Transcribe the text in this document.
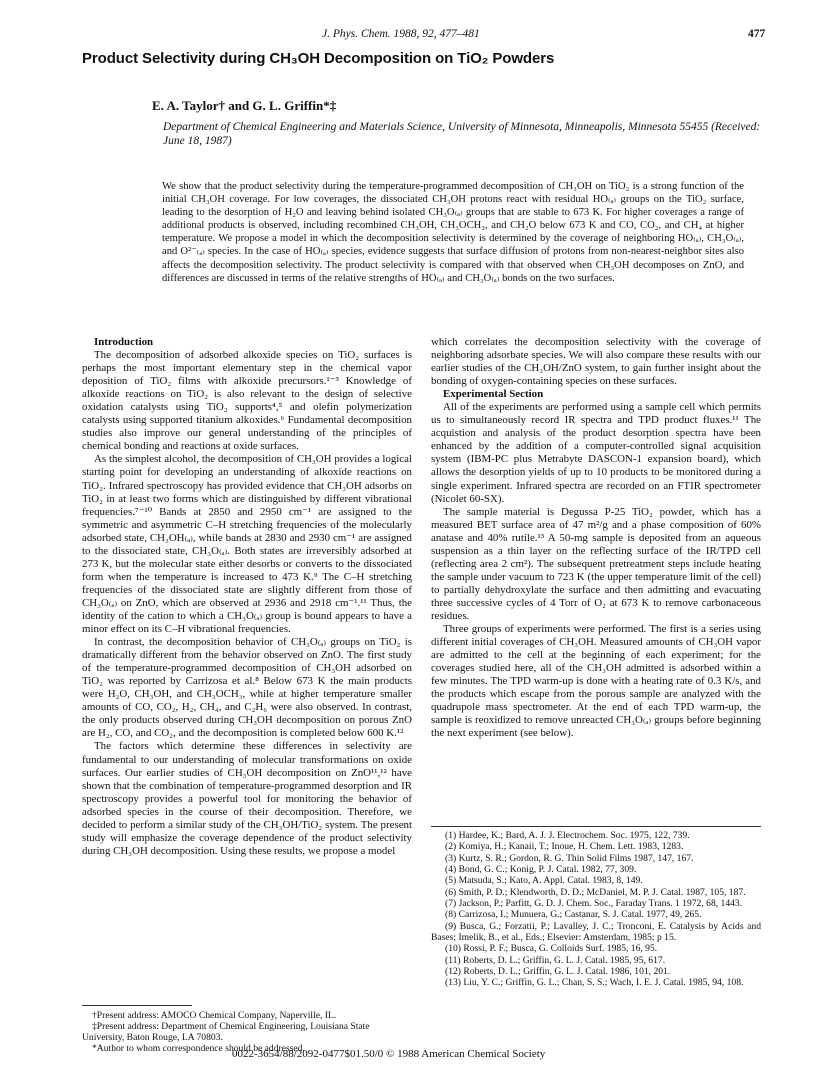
J. Phys. Chem. 1988, 92, 477–481	477
Product Selectivity during CH₃OH Decomposition on TiO₂ Powders
E. A. Taylor† and G. L. Griffin*‡
Department of Chemical Engineering and Materials Science, University of Minnesota, Minneapolis, Minnesota 55455 (Received: June 18, 1987)
We show that the product selectivity during the temperature-programmed decomposition of CH₃OH on TiO₂ is a strong function of the initial CH₃OH coverage. For low coverages, the dissociated CH₃OH protons react with residual HO₍ₐ₎ groups on the TiO₂ surface, leading to the desorption of H₂O and leaving behind isolated CH₃O₍ₐ₎ groups that are stable to 673 K. For higher coverages a range of additional products is observed, including recombined CH₃OH, CH₃OCH₃, and CH₂O below 673 K and CO, CO₂, and CH₄ at higher temperature. We propose a model in which the decomposition selectivity is determined by the coverage of neighboring HO₍ₐ₎, CH₃O₍ₐ₎, and O²⁻₍ₐ₎ species. In the case of HO₍ₐ₎ species, evidence suggests that surface diffusion of protons from non-nearest-neighbor sites also affects the decomposition selectivity. The product selectivity is compared with that observed when CH₃OH decomposes on ZnO, and differences are discussed in terms of the relative strengths of HO₍ₐ₎ and CH₃O₍ₐ₎ bonds on the two surfaces.

Introduction

The decomposition of adsorbed alkoxide species on TiO₂ surfaces is perhaps the most important elementary step in the chemical vapor deposition of TiO₂ films with alkoxide precursors.¹⁻³ Knowledge of alkoxide reactions on TiO₂ is also relevant to the design of selective oxidation catalysts using TiO₂ supports⁴,⁵ and olefin polymerization catalysts using supported titanium alkoxides.⁶ Fundamental decomposition studies also improve our general understanding of the principles of chemical bonding and reactions at oxide surfaces.

As the simplest alcohol, the decomposition of CH₃OH provides a logical starting point for developing an understanding of alkoxide reactions on TiO₂. Infrared spectroscopy has provided evidence that CH₃OH adsorbs on TiO₂ in at least two forms which are distinguished by different vibrational frequencies.⁷⁻¹⁰ Bands at 2850 and 2950 cm⁻¹ are assigned to the symmetric and asymmetric C–H stretching frequencies of the molecularly adsorbed state, CH₃OH₍ₐ₎, while bands at 2830 and 2930 cm⁻¹ are assigned to the dissociated state, CH₃O₍ₐ₎. Both states are irreversibly adsorbed at 273 K, but the molecular state either desorbs or converts to the dissociated form when the temperature is increased to 473 K.⁹ The C–H stretching frequencies of the dissociated state are slightly different from those of CH₃O₍ₐ₎ on ZnO, which are observed at 2936 and 2918 cm⁻¹.¹¹ Thus, the identity of the cation to which a CH₃O₍ₐ₎ group is bound appears to have a minor effect on its C–H vibrational frequencies.

In contrast, the decomposition behavior of CH₃O₍ₐ₎ groups on TiO₂ is dramatically different from the behavior observed on ZnO. The first study of the temperature-programmed decomposition of CH₃OH adsorbed on TiO₂ was reported by Carrizosa et al.⁸ Below 673 K the main products were H₂O, CH₃OH, and CH₃OCH₃, while at higher temperature smaller amounts of CO, CO₂, H₂, CH₄, and C₂H₆ were also observed. In contrast, the only products observed during CH₃OH decomposition on porous ZnO are H₂, CO, and CO₂, and the decomposition is completed below 600 K.¹²

The factors which determine these differences in selectivity are fundamental to our understanding of molecular transformations on oxide surfaces. Our earlier studies of CH₃OH decomposition on ZnO¹¹,¹² have shown that the combination of temperature-programmed desorption and IR spectroscopy provides a powerful tool for monitoring the behavior of adsorbed species in the course of their decomposition. Therefore, we decided to perform a similar study of the CH₃OH/TiO₂ system. The present study will emphasize the coverage dependence of the product selectivity during CH₃OH decomposition. Using these results, we propose a model

which correlates the decomposition selectivity with the coverage of neighboring adsorbate species. We will also compare these results with our earlier studies of the CH₃OH/ZnO system, to gain further insight about the bonding of oxygen-containing species on these surfaces.

Experimental Section

All of the experiments are performed using a sample cell which permits us to simultaneously record IR spectra and TPD product fluxes.¹¹ The acquistion and analysis of the product desorption spectra have been enhanced by the addition of a computer-controlled signal acquisition system (IBM-PC plus Metrabyte DASCON-1 expansion board), which allows the desorption yields of up to 10 products to be monitored during a single experiment. Infrared spectra are recorded on an FTIR spectrometer (Nicolet 60-SX).

The sample material is Degussa P-25 TiO₂ powder, which has a measured BET surface area of 47 m²/g and a phase composition of 60% anatase and 40% rutile.¹³ A 50-mg sample is deposited from an aqueous suspension as a thin layer on the reflecting surface of the IR/TPD cell (reflecting area 2 cm²). The subsequent pretreatment steps include heating the sample under vacuum to 723 K (the upper temperature limit of the cell) to partially dehydroxylate the surface and then admitting and evacuating three successive cycles of 4 Torr of O₂ at 673 K to remove carbonaceous residues.

Three groups of experiments were performed. The first is a series using different initial coverages of CH₃OH. Measured amounts of CH₃OH vapor are admitted to the cell at the beginning of each experiment; for the coverages studied here, all of the CH₃OH admitted is adsorbed within a few minutes. The TPD warm-up is done with a heating rate of 0.3 K/s, and the products which escape from the porous sample are analyzed with the quadrupole mass spectrometer. At the end of each TPD warm-up, the sample is reoxidized to remove unreacted CH₃O₍ₐ₎ groups before beginning the next experiment (see below).

(1) Hardee, K.; Bard, A. J. J. Electrochem. Soc. 1975, 122, 739.
(2) Komiya, H.; Kanaii, T.; Inoue, H. Chem. Lett. 1983, 1283.
(3) Kurtz, S. R.; Gordon, R. G. Thin Solid Films 1987, 147, 167.
(4) Bond, G. C.; Konig, P. J. Catal. 1982, 77, 309.
(5) Matsuda, S.; Kato, A. Appl. Catal. 1983, 8, 149.
(6) Smith, P. D.; Klendworth, D. D.; McDaniel, M. P. J. Catal. 1987, 105, 187.
(7) Jackson, P.; Parfitt, G. D. J. Chem. Soc., Faraday Trans. 1 1972, 68, 1443.
(8) Carrizosa, I.; Munuera, G.; Castanar, S. J. Catal. 1977, 49, 265.
(9) Busca, G.; Forzatii, P.; Lavalley, J. C.; Tronconi, E. Catalysis by Acids and Bases; Imelik, B., et al., Eds.; Elsevier: Amsterdam, 1985; p 15.
(10) Rossi, P. F.; Busca, G. Colloids Surf. 1985, 16, 95.
(11) Roberts, D. L.; Griffin, G. L. J. Catal. 1985, 95, 617.
(12) Roberts, D. L.; Griffin, G. L. J. Catal. 1986, 101, 201.
(13) Liu, Y. C.; Griffin, G. L.; Chan, S. S.; Wach, I. E. J. Catal. 1985, 94, 108.
†Present address: AMOCO Chemical Company, Naperville, IL.
‡Present address: Department of Chemical Engineering, Louisiana State University, Baton Rouge, LA 70803.
*Author to whom correspondence should be addressed.
0022-3654/88/2092-0477$01.50/0 © 1988 American Chemical Society
